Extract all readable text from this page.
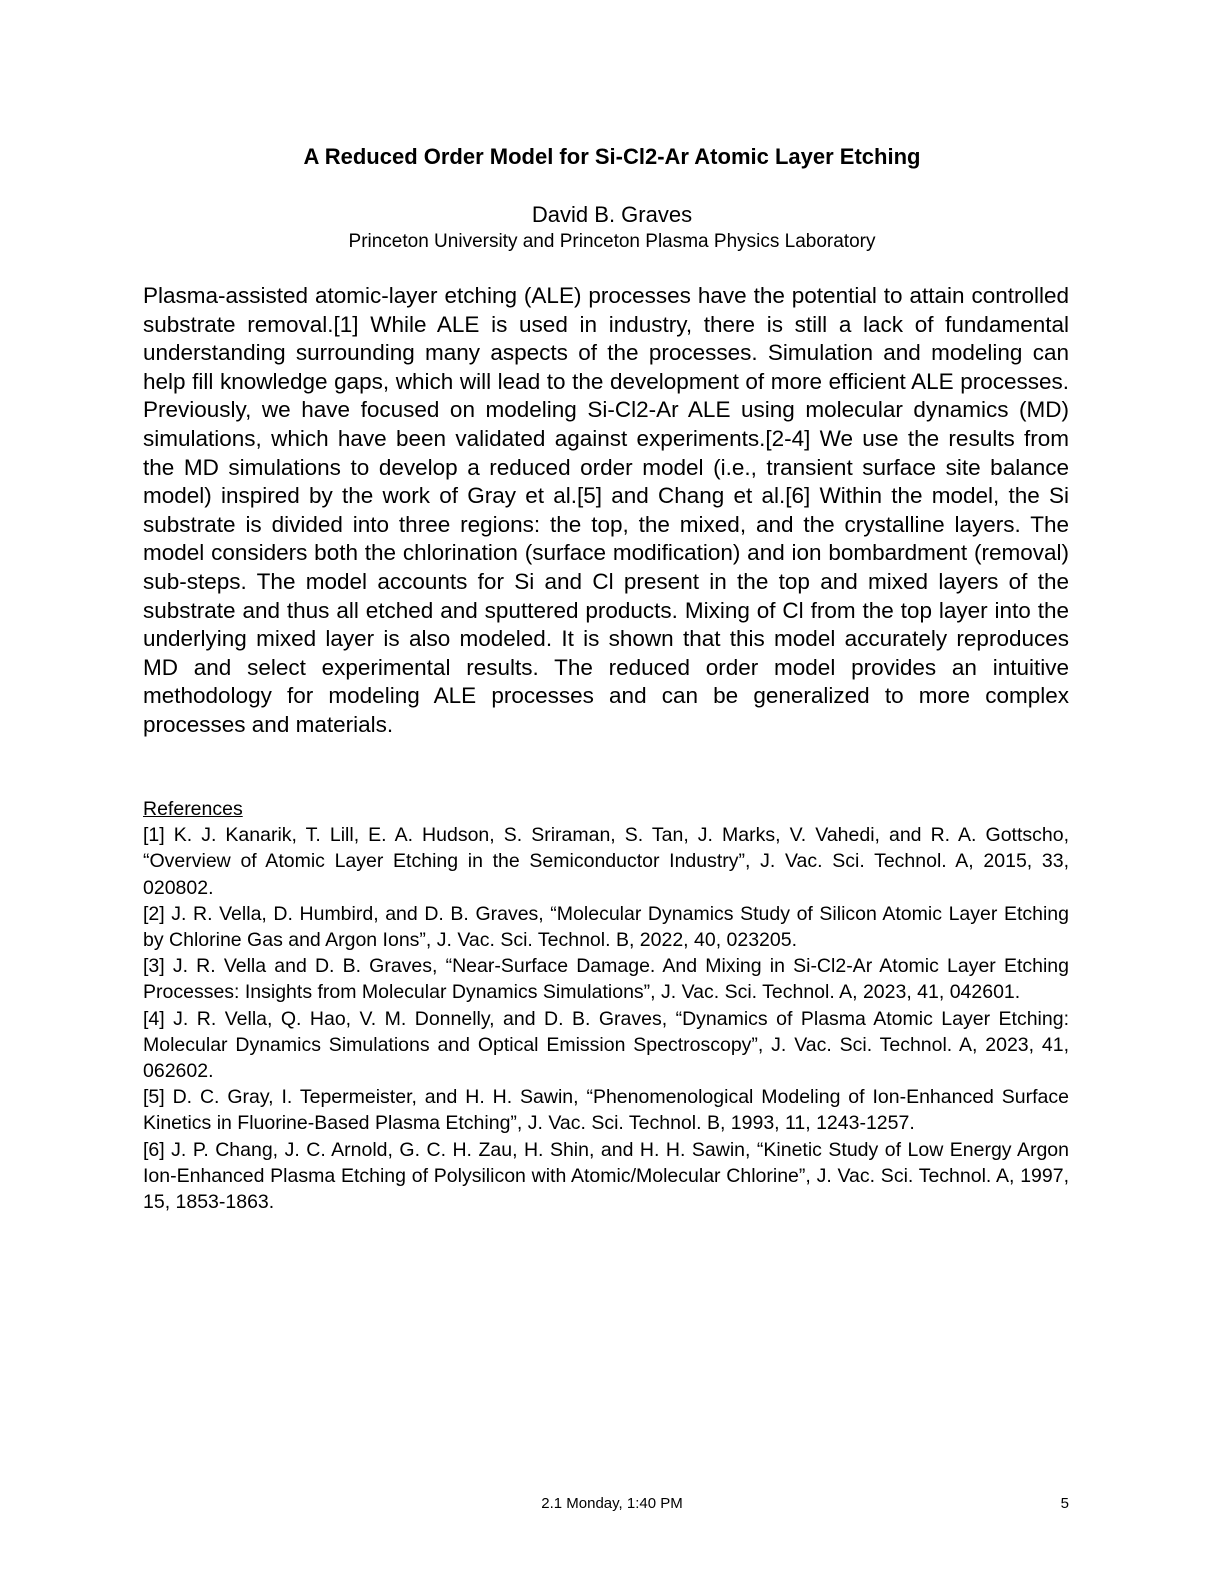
A Reduced Order Model for Si-Cl2-Ar Atomic Layer Etching

David B. Graves

Princeton University and Princeton Plasma Physics Laboratory

Plasma-assisted atomic-layer etching (ALE) processes have the potential to attain controlled substrate removal.[1] While ALE is used in industry, there is still a lack of fundamental understanding surrounding many aspects of the processes. Simulation and modeling can help fill knowledge gaps, which will lead to the development of more efficient ALE processes. Previously, we have focused on modeling Si-Cl2-Ar ALE using molecular dynamics (MD) simulations, which have been validated against experiments.[2-4] We use the results from the MD simulations to develop a reduced order model (i.e., transient surface site balance model) inspired by the work of Gray et al.[5] and Chang et al.[6] Within the model, the Si substrate is divided into three regions: the top, the mixed, and the crystalline layers. The model considers both the chlorination (surface modification) and ion bombardment (removal) sub-steps. The model accounts for Si and Cl present in the top and mixed layers of the substrate and thus all etched and sputtered products. Mixing of Cl from the top layer into the underlying mixed layer is also modeled. It is shown that this model accurately reproduces MD and select experimental results. The reduced order model provides an intuitive methodology for modeling ALE processes and can be generalized to more complex processes and materials.

References

[1] K. J. Kanarik, T. Lill, E. A. Hudson, S. Sriraman, S. Tan, J. Marks, V. Vahedi, and R. A. Gottscho, “Overview of Atomic Layer Etching in the Semiconductor Industry”, J. Vac. Sci. Technol. A, 2015, 33, 020802.
[2] J. R. Vella, D. Humbird, and D. B. Graves, “Molecular Dynamics Study of Silicon Atomic Layer Etching by Chlorine Gas and Argon Ions”, J. Vac. Sci. Technol. B, 2022, 40, 023205.
[3] J. R. Vella and D. B. Graves, “Near-Surface Damage. And Mixing in Si-Cl2-Ar Atomic Layer Etching Processes: Insights from Molecular Dynamics Simulations”, J. Vac. Sci. Technol. A, 2023, 41, 042601.
[4] J. R. Vella, Q. Hao, V. M. Donnelly, and D. B. Graves, “Dynamics of Plasma Atomic Layer Etching: Molecular Dynamics Simulations and Optical Emission Spectroscopy”, J. Vac. Sci. Technol. A, 2023, 41, 062602.
[5] D. C. Gray, I. Tepermeister, and H. H. Sawin, “Phenomenological Modeling of Ion-Enhanced Surface Kinetics in Fluorine-Based Plasma Etching”, J. Vac. Sci. Technol. B, 1993, 11, 1243-1257.
[6] J. P. Chang, J. C. Arnold, G. C. H. Zau, H. Shin, and H. H. Sawin, “Kinetic Study of Low Energy Argon Ion-Enhanced Plasma Etching of Polysilicon with Atomic/Molecular Chlorine”, J. Vac. Sci. Technol. A, 1997, 15, 1853-1863.

2.1 Monday, 1:40 PM	5
